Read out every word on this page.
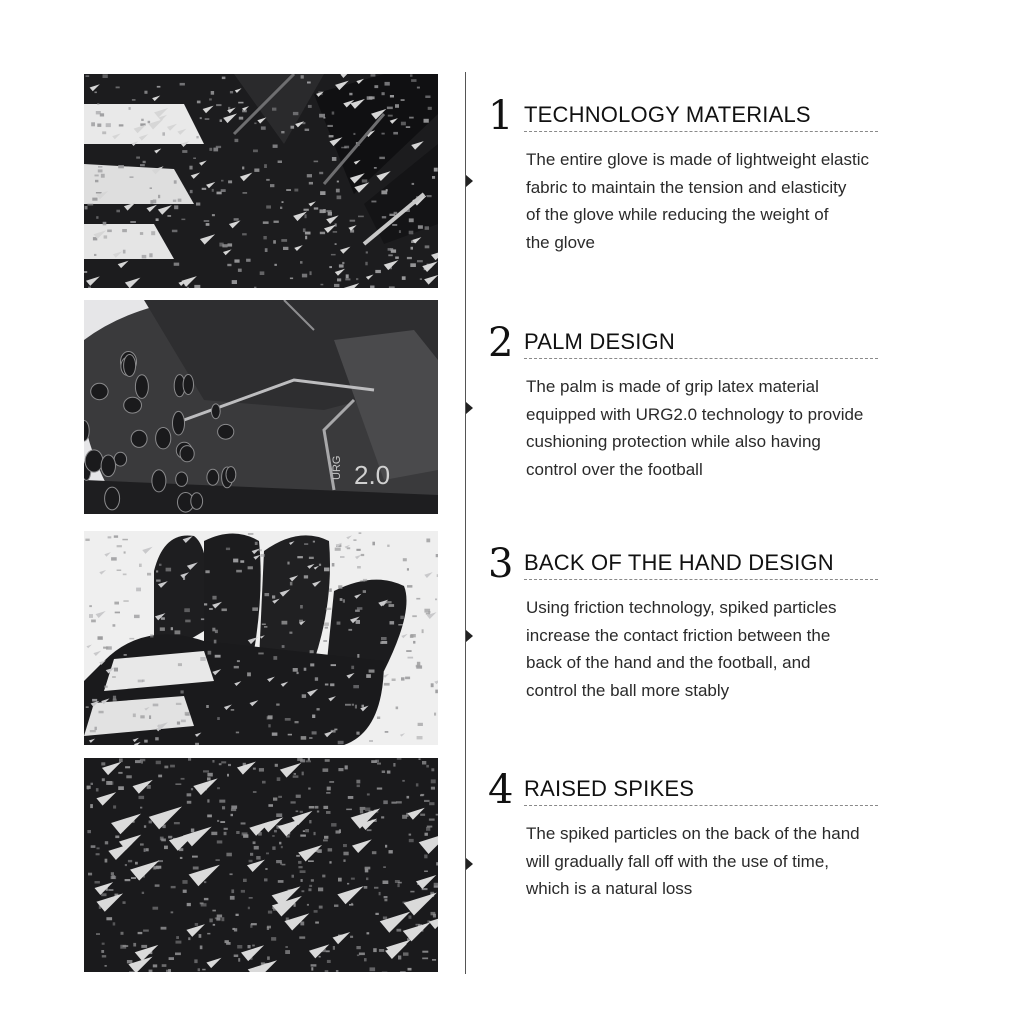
URG 2.0
1 TECHNOLOGY MATERIALS
The entire glove is made of lightweight elastic
fabric to maintain the tension and elasticity
of the glove while reducing the weight of
the glove
2 PALM DESIGN
The palm is made of grip latex material
equipped with URG2.0 technology to provide
cushioning protection while also having
control over the football
3 BACK OF THE HAND DESIGN
Using friction technology, spiked particles
increase the contact friction between the
back of the hand and the football, and
control the ball more stably
4 RAISED SPIKES
The spiked particles on the back of the hand
will gradually fall off with the use of time,
which is a natural loss
